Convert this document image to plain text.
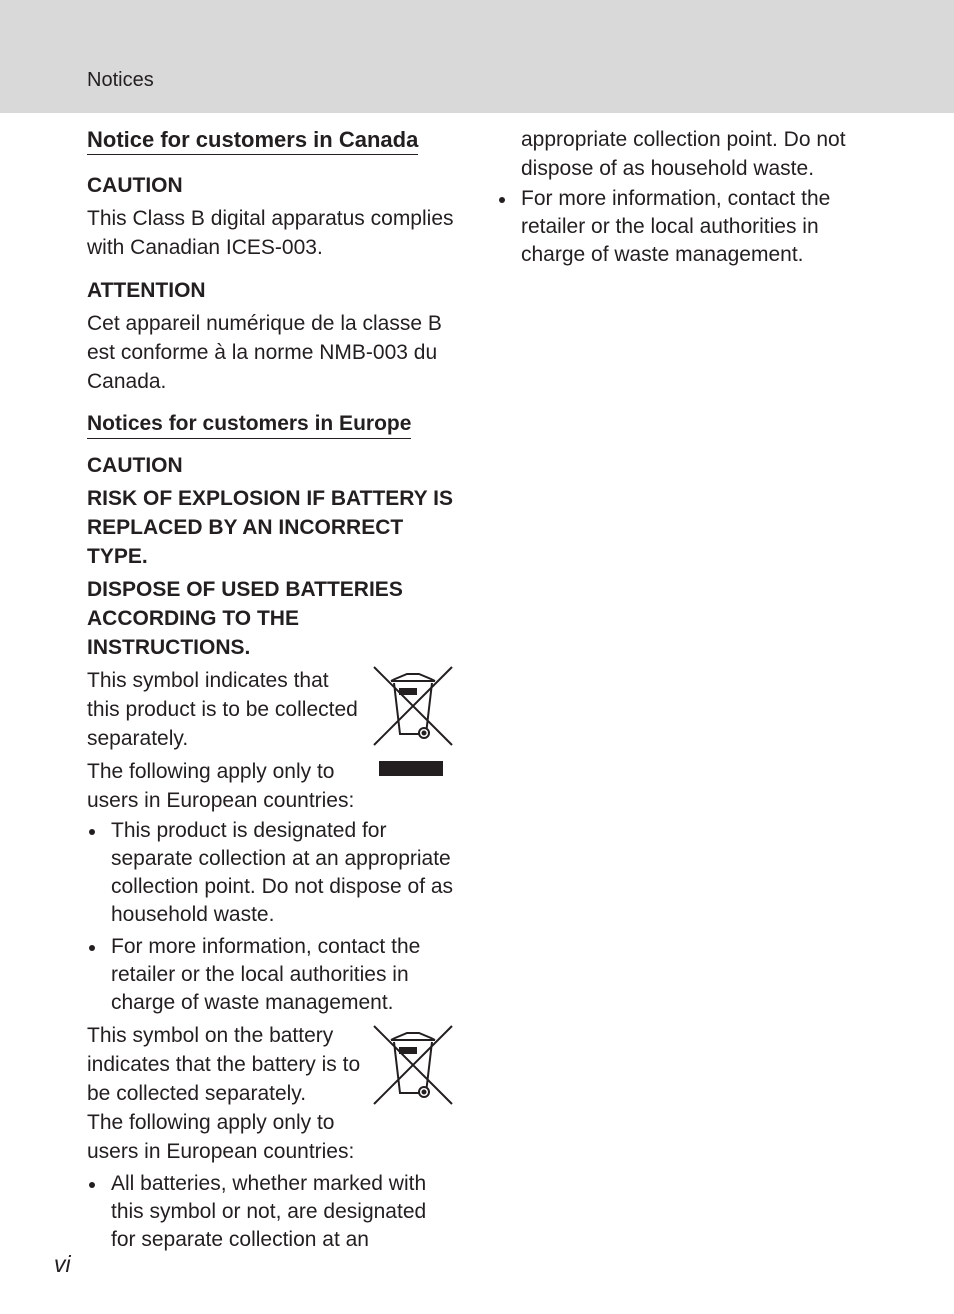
Notices
Notice for customers in Canada
CAUTION

This Class B digital apparatus complies with Canadian ICES-003.

ATTENTION

Cet appareil numérique de la classe B est conforme à la norme NMB-003 du Canada.

Notices for customers in Europe
CAUTION
RISK OF EXPLOSION IF BATTERY IS REPLACED BY AN INCORRECT TYPE.
DISPOSE OF USED BATTERIES ACCORDING TO THE INSTRUCTIONS.

This symbol indicates that this product is to be collected separately.

The following apply only to users in European countries:

This product is designated for separate collection at an appropriate collection point. Do not dispose of as household waste.
For more information, contact the retailer or the local authorities in charge of waste management.

This symbol on the battery indicates that the battery is to be collected separately.

The following apply only to users in European countries:

All batteries, whether marked with this symbol or not, are designated for separate collection at an

appropriate collection point. Do not dispose of as household waste.

For more information, contact the retailer or the local authorities in charge of waste management.
vi
